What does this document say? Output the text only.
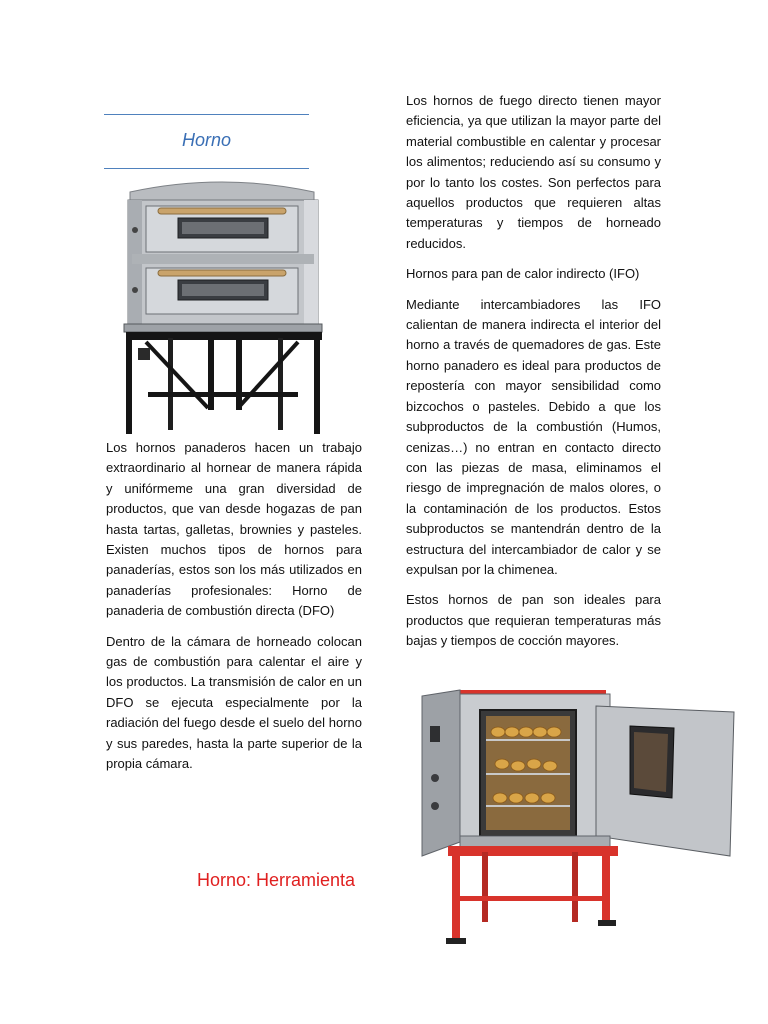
Horno

Los hornos panaderos hacen un trabajo extraordinario al hornear de manera rápida y unifórmeme una gran diversidad de productos, que van desde hogazas de pan hasta tartas, galletas, brownies y pasteles. Existen muchos tipos de hornos para panaderías, estos son los más utilizados en panaderías profesionales: Horno de panaderia de combustión directa (DFO)

Dentro de la cámara de horneado colocan gas de combustión para calentar el aire y los productos. La transmisión de calor en un DFO se ejecuta especialmente por la radiación del fuego desde el suelo del horno y sus paredes, hasta la parte superior de la propia cámara.

Horno: Herramienta

Los hornos de fuego directo tienen mayor eficiencia, ya que utilizan la mayor parte del material combustible en calentar y procesar los alimentos; reduciendo así su consumo y por lo tanto los costes. Son perfectos para aquellos productos que requieren altas temperaturas y tiempos de horneado reducidos.

Hornos para pan de calor indirecto (IFO)

Mediante intercambiadores las IFO calientan de manera indirecta el interior del horno a través de quemadores de gas. Este horno panadero es ideal para productos de repostería con mayor sensibilidad como bizcochos o pasteles. Debido a que los subproductos de la combustión (Humos, cenizas…) no entran en contacto directo con las piezas de masa, eliminamos el riesgo de impregnación de malos olores, o la contaminación de los productos. Estos subproductos se mantendrán dentro de la estructura del intercambiador de calor y se expulsan por la chimenea.

Estos hornos de pan son ideales para productos que requieran temperaturas más bajas y tiempos de cocción mayores.
